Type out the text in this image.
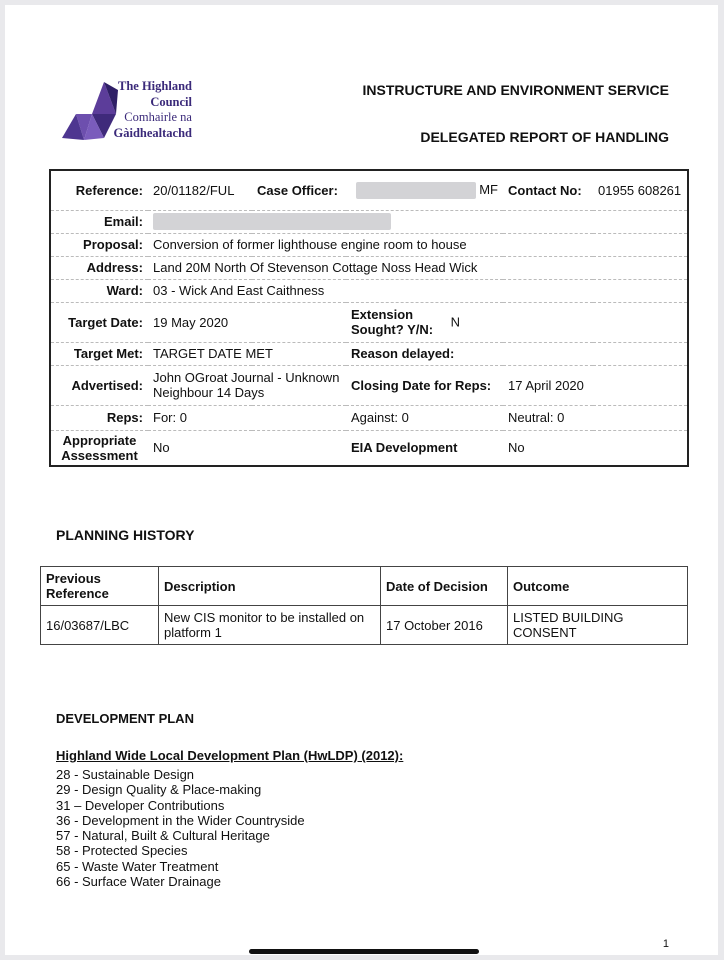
The Highland
Council
Comhairle na
Gàidhealtachd
INSTRUCTURE AND ENVIRONMENT SERVICE
DELEGATED REPORT OF HANDLING
Reference:	20/01182/FUL	Case Officer:	MF	Contact No:	01955 608261
Email:					
Proposal:	Conversion of former lighthouse engine room to house				
Address:	Land 20M North Of Stevenson Cottage Noss Head Wick				
Ward:	03 - Wick And East Caithness				
Target Date:	19 May 2020		Extension Sought? Y/N: N		
Target Met:	TARGET DATE MET		Reason delayed:		
Advertised:	John OGroat Journal - Unknown Neighbour 14 Days		Closing Date for Reps:	17 April 2020	
Reps:	For: 0		Against: 0	Neutral: 0	
Appropriate Assessment	No		EIA Development	No	
PLANNING HISTORY
Previous Reference	Description	Date of Decision	Outcome
16/03687/LBC	New CIS monitor to be installed on platform 1	17 October 2016	LISTED BUILDING CONSENT
DEVELOPMENT PLAN
Highland Wide Local Development Plan (HwLDP) (2012):
28 - Sustainable Design
29 - Design Quality & Place-making
31 – Developer Contributions
36 - Development in the Wider Countryside
57 - Natural, Built & Cultural Heritage
58 - Protected Species
65 - Waste Water Treatment
66 - Surface Water Drainage
1
